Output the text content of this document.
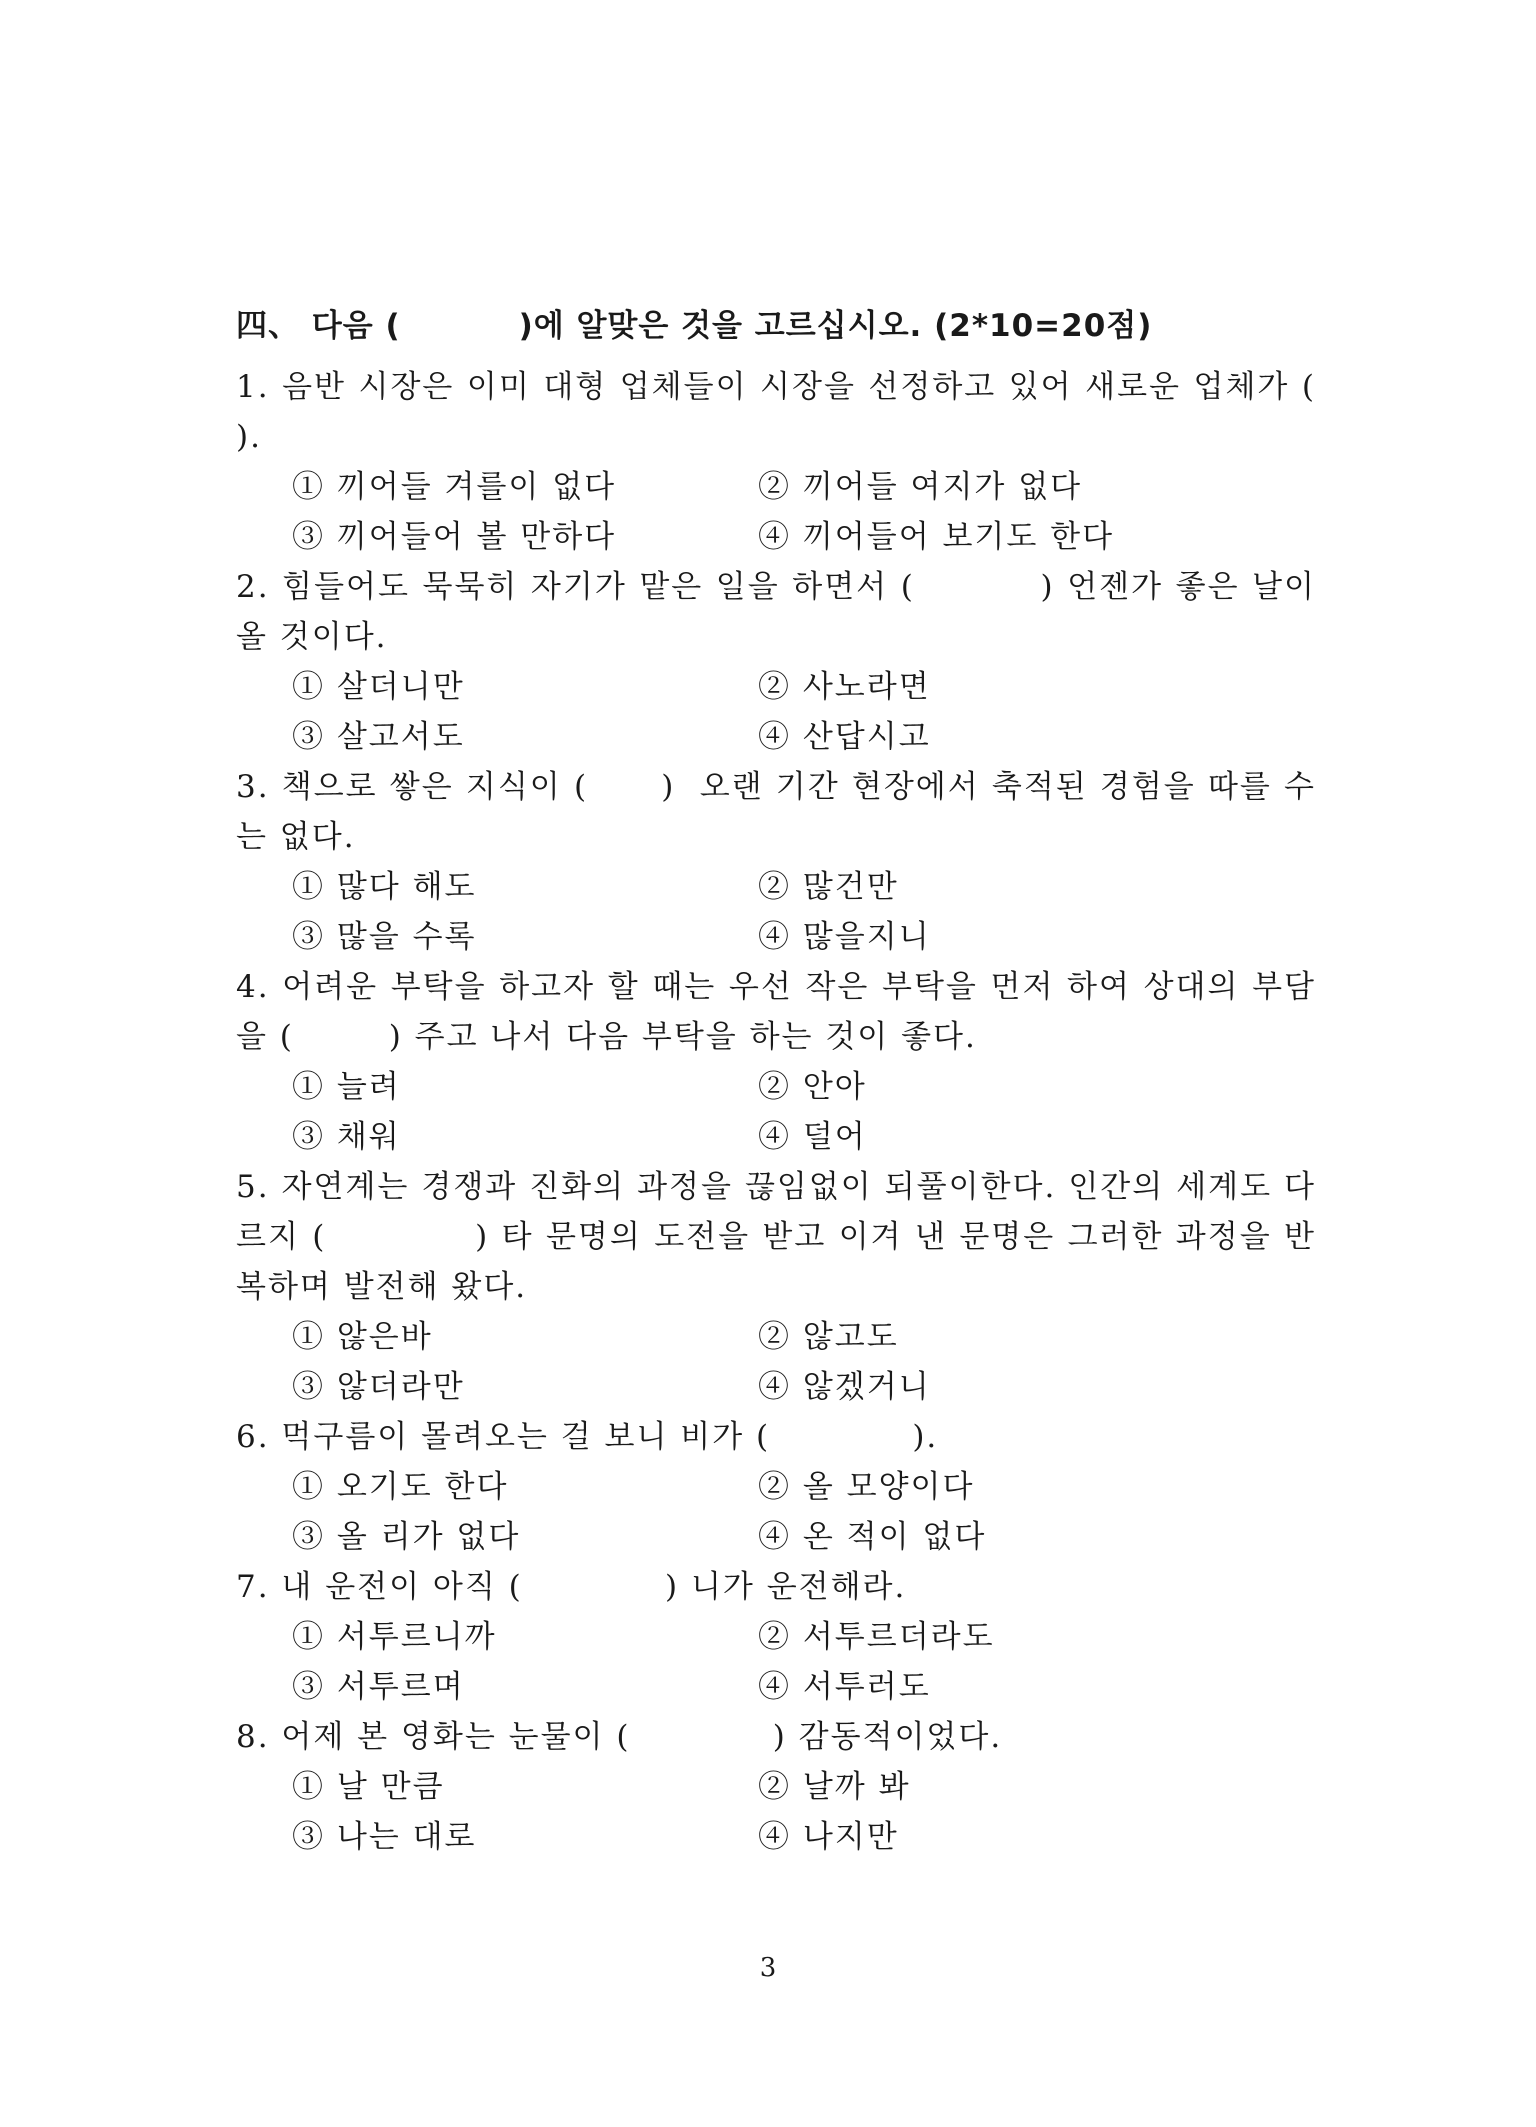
四、 다음 (          )에 알맞은 것을 고르십시오. (2*10=20점)

1. 음반 시장은 이미 대형 업체들이 시장을 선정하고 있어 새로운 업체가 (          ).

① 끼어들 겨를이 없다	② 끼어들 여지가 없다
③ 끼어들어 볼 만하다	④ 끼어들어 보기도 한다

2. 힘들어도 묵묵히 자기가 맡은 일을 하면서 (          ) 언젠가 좋은 날이 올 것이다.

① 살더니만	② 사노라면
③ 살고서도	④ 산답시고

3. 책으로 쌓은 지식이 (      )  오랜 기간 현장에서 축적된 경험을 따를 수는 없다.

① 많다 해도	② 많건만
③ 많을 수록	④ 많을지니

4. 어려운 부탁을 하고자 할 때는 우선 작은 부탁을 먼저 하여 상대의 부담을 (        ) 주고 나서 다음 부탁을 하는 것이 좋다.

① 늘려	② 안아
③ 채워	④ 덜어

5. 자연계는 경쟁과 진화의 과정을 끊임없이 되풀이한다. 인간의 세계도 다르지 (            ) 타 문명의 도전을 받고 이겨 낸 문명은 그러한 과정을 반복하며 발전해 왔다.

① 않은바	② 않고도
③ 않더라만	④ 않겠거니

6. 먹구름이 몰려오는 걸 보니 비가 (            ).

① 오기도 한다	② 올 모양이다
③ 올 리가 없다	④ 온 적이 없다

7. 내 운전이 아직 (            ) 니가 운전해라.

① 서투르니까	② 서투르더라도
③ 서투르며	④ 서투러도

8. 어제 본 영화는 눈물이 (            ) 감동적이었다.

① 날 만큼	② 날까 봐
③ 나는 대로	④ 나지만
3
